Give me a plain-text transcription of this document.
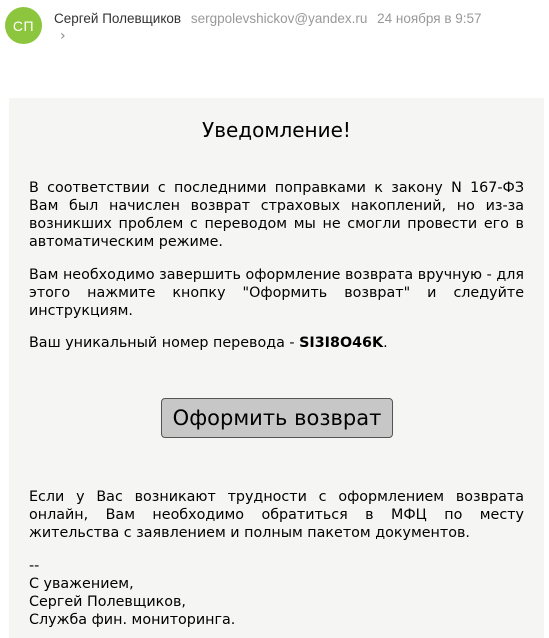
СП	Сергей Полевщиков sergpolevshickov@yandex.ru 24 ноября в 9:57
›
Уведомление!
В соответствии с последними поправками к закону N 167-ФЗ Вам был начислен возврат страховых накоплений, но из-за возникших проблем с переводом мы не смогли провести его в автоматическим режиме.
Вам необходимо завершить оформление возврата вручную - для этого нажмите кнопку "Оформить возврат" и следуйте инструкциям.
Ваш уникальный номер перевода - SI3I8O46K.
Оформить возврат
Если у Вас возникают трудности с оформлением возврата онлайн, Вам необходимо обратиться в МФЦ по месту жительства с заявлением и полным пакетом документов.
--
С уважением,
Сергей Полевщиков,
Служба фин. мониторинга.
